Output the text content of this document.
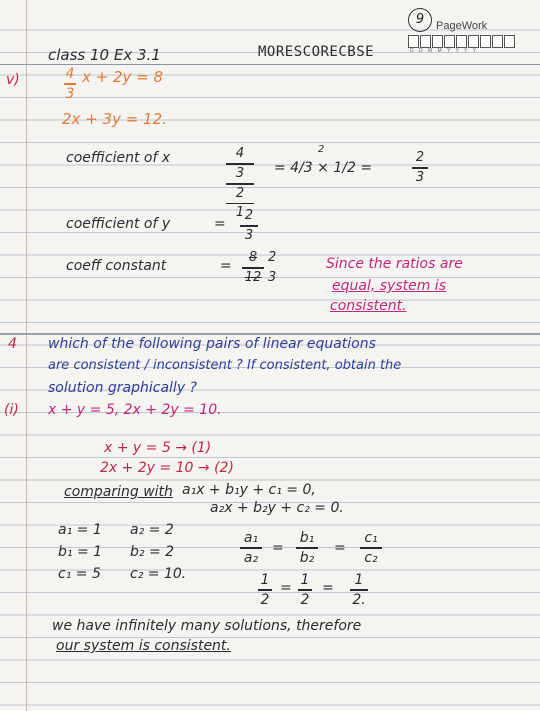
9	PageWork
D D M M Y Y Y Y
class 10 Ex 3.1	MORESCORECBSE
v)	4
3
x + 2y = 8
2x + 3y = 12.
coefficient of x	4
3
2
1
2
= 4/3 × 1/2 =
2
3
coefficient of y	=
2
3
coeff constant	=
8
12
2
3
Since the ratios are
equal, system is
consistent.
4 which of the following pairs of linear equations
are consistent / inconsistent ? If consistent, obtain the
solution graphically ?
(i) x + y = 5, 2x + 2y = 10.
x + y = 5 → (1)
2x + 2y = 10 → (2)
comparing with a₁x + b₁y + c₁ = 0,
a₂x + b₂y + c₂ = 0.
a₁ = 1 a₂ = 2
b₁ = 1 b₂ = 2
c₁ = 5 c₂ = 10.
a₁
a₂
=
b₁
b₂
=
c₁
c₂
1
2
= 1
2
=	1
2.
we have infinitely many solutions, therefore
our system is consistent.
